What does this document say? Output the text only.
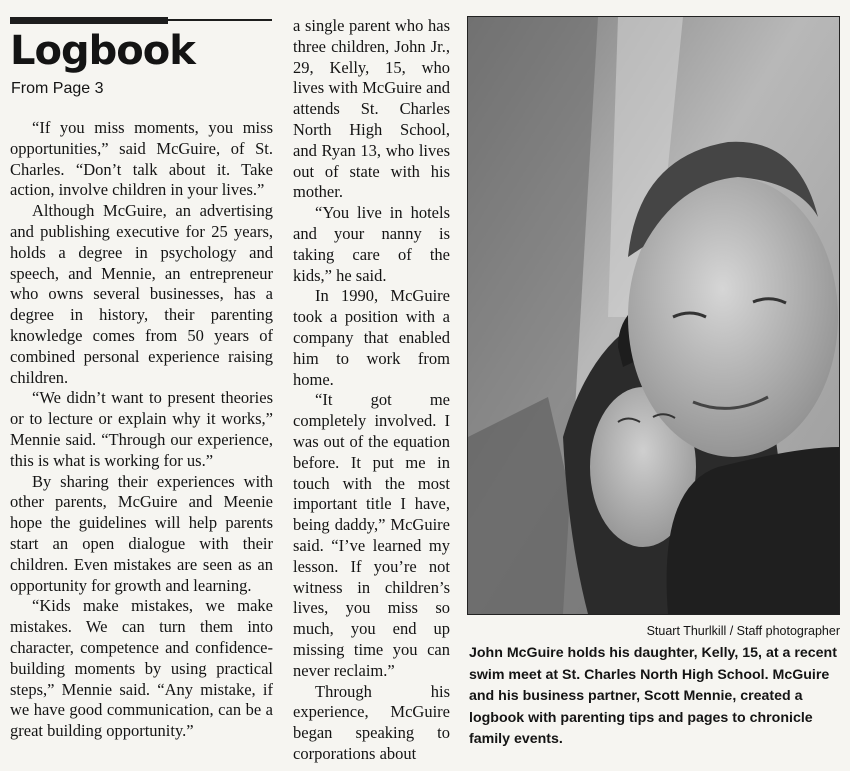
Logbook
From Page 3

“If you miss moments, you miss opportunities,” said McGuire, of St. Charles. “Don’t talk about it. Take action, involve children in your lives.”

Although McGuire, an advertising and publishing executive for 25 years, holds a degree in psychology and speech, and Mennie, an entrepreneur who owns several businesses, has a degree in history, their parenting knowledge comes from 50 years of combined personal experience raising children.

“We didn’t want to present theories or to lecture or explain why it works,” Mennie said. “Through our experience, this is what is working for us.”

By sharing their experiences with other parents, McGuire and Meenie hope the guidelines will help parents start an open dialogue with their children. Even mistakes are seen as an opportunity for growth and learning.

“Kids make mistakes, we make mistakes. We can turn them into character, competence and confidence-building moments by using practical steps,” Mennie said. “Any mistake, if we have good communication, can be a great building opportunity.”

a single parent who has three children, John Jr., 29, Kelly, 15, who lives with McGuire and attends St. Charles North High School, and Ryan 13, who lives out of state with his mother.

“You live in hotels and your nanny is taking care of the kids,” he said.

In 1990, McGuire took a position with a company that enabled him to work from home.

“It got me completely involved. I was out of the equation before. It put me in touch with the most important title I have, being daddy,” McGuire said. “I’ve learned my lesson. If you’re not witness in children’s lives, you miss so much, you end up missing time you can never reclaim.”

Through his experience, McGuire began speaking to corporations about

Stuart Thurlkill / Staff photographer
John McGuire holds his daughter, Kelly, 15, at a recent swim meet at St. Charles North High School. McGuire and his business partner, Scott Mennie, created a logbook with parenting tips and pages to chronicle family events.
